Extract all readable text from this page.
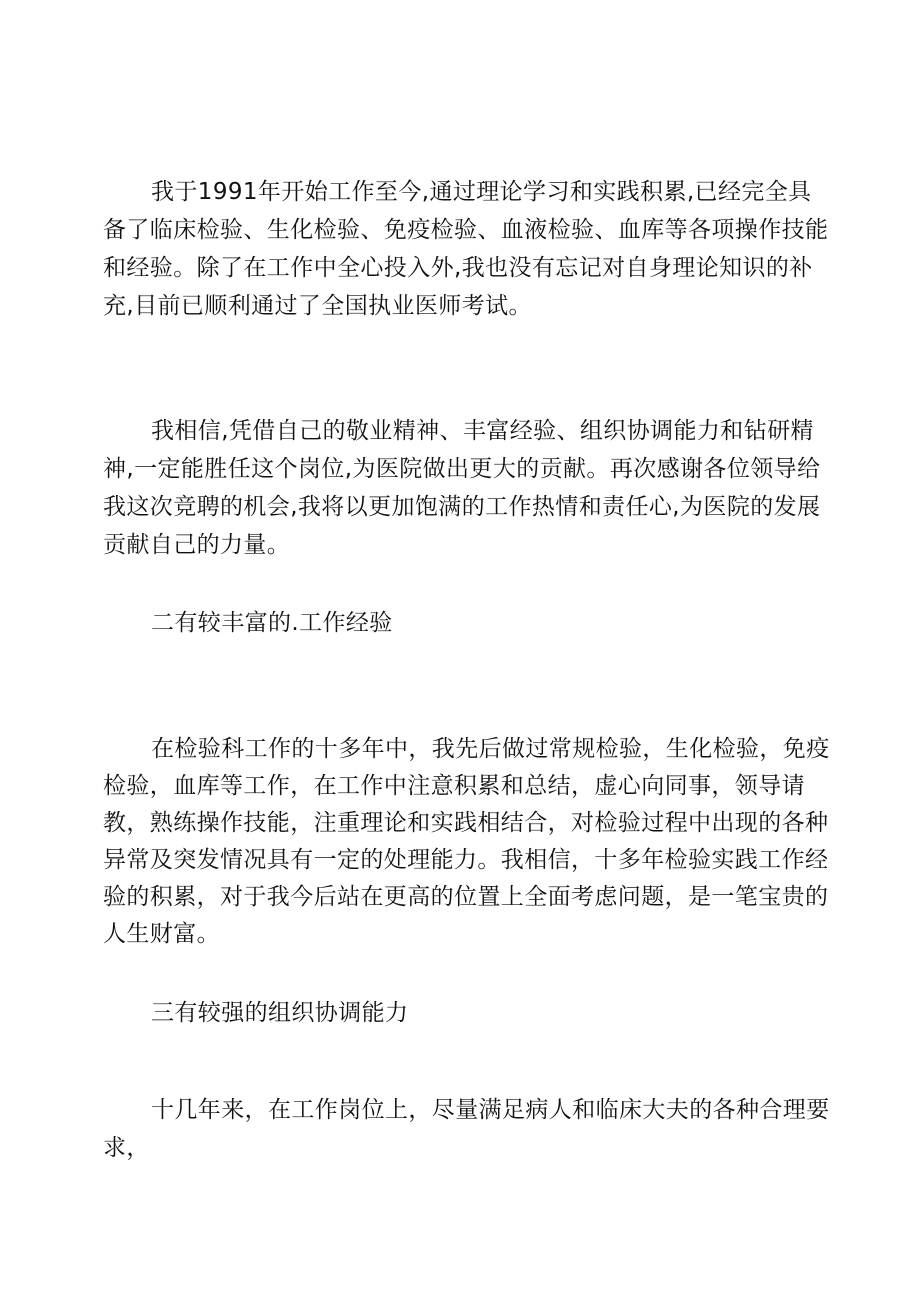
我于1991年开始工作至今,通过理论学习和实践积累,已经完全具备了临床检验、生化检验、免疫检验、血液检验、血库等各项操作技能和经验。除了在工作中全心投入外,我也没有忘记对自身理论知识的补充,目前已顺利通过了全国执业医师考试。

我相信,凭借自己的敬业精神、丰富经验、组织协调能力和钻研精神,一定能胜任这个岗位,为医院做出更大的贡献。再次感谢各位领导给我这次竞聘的机会,我将以更加饱满的工作热情和责任心,为医院的发展贡献自己的力量。

二有较丰富的.工作经验

在检验科工作的十多年中，我先后做过常规检验，生化检验，免疫检验，血库等工作，在工作中注意积累和总结，虚心向同事，领导请教，熟练操作技能，注重理论和实践相结合，对检验过程中出现的各种异常及突发情况具有一定的处理能力。我相信，十多年检验实践工作经验的积累，对于我今后站在更高的位置上全面考虑问题，是一笔宝贵的人生财富。

三有较强的组织协调能力

十几年来，在工作岗位上，尽量满足病人和临床大夫的各种合理要求，
